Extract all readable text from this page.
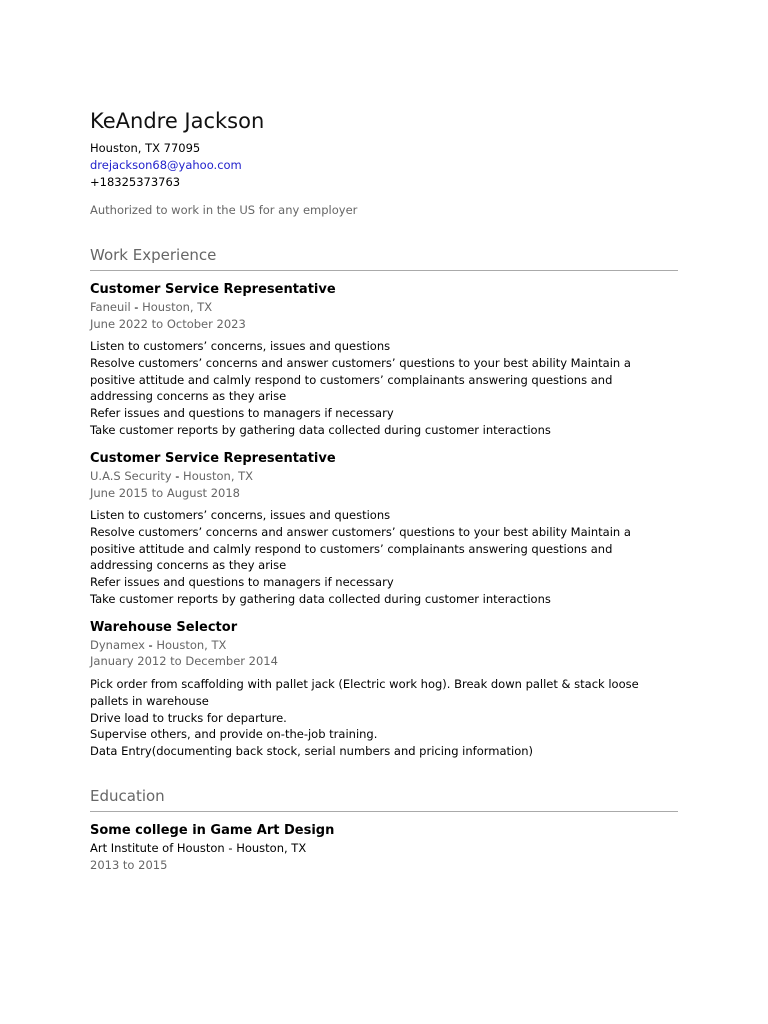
KeAndre Jackson
Houston, TX 77095
drejackson68@yahoo.com
+18325373763
Authorized to work in the US for any employer
Work Experience
Customer Service Representative
Faneuil - Houston, TX
June 2022 to October 2023

Listen to customers’ concerns, issues and questions

Resolve customers’ concerns and answer customers’ questions to your best ability Maintain a positive attitude and calmly respond to customers’ complainants answering questions and addressing concerns as they arise

Refer issues and questions to managers if necessary

Take customer reports by gathering data collected during customer interactions

Customer Service Representative
U.A.S Security - Houston, TX
June 2015 to August 2018

Listen to customers’ concerns, issues and questions

Resolve customers’ concerns and answer customers’ questions to your best ability Maintain a positive attitude and calmly respond to customers’ complainants answering questions and addressing concerns as they arise

Refer issues and questions to managers if necessary

Take customer reports by gathering data collected during customer interactions

Warehouse Selector
Dynamex - Houston, TX
January 2012 to December 2014

Pick order from scaffolding with pallet jack (Electric work hog). Break down pallet & stack loose pallets in warehouse

Drive load to trucks for departure.

Supervise others, and provide on-the-job training.

Data Entry(documenting back stock, serial numbers and pricing information)

Education
Some college in Game Art Design
Art Institute of Houston - Houston, TX
2013 to 2015
